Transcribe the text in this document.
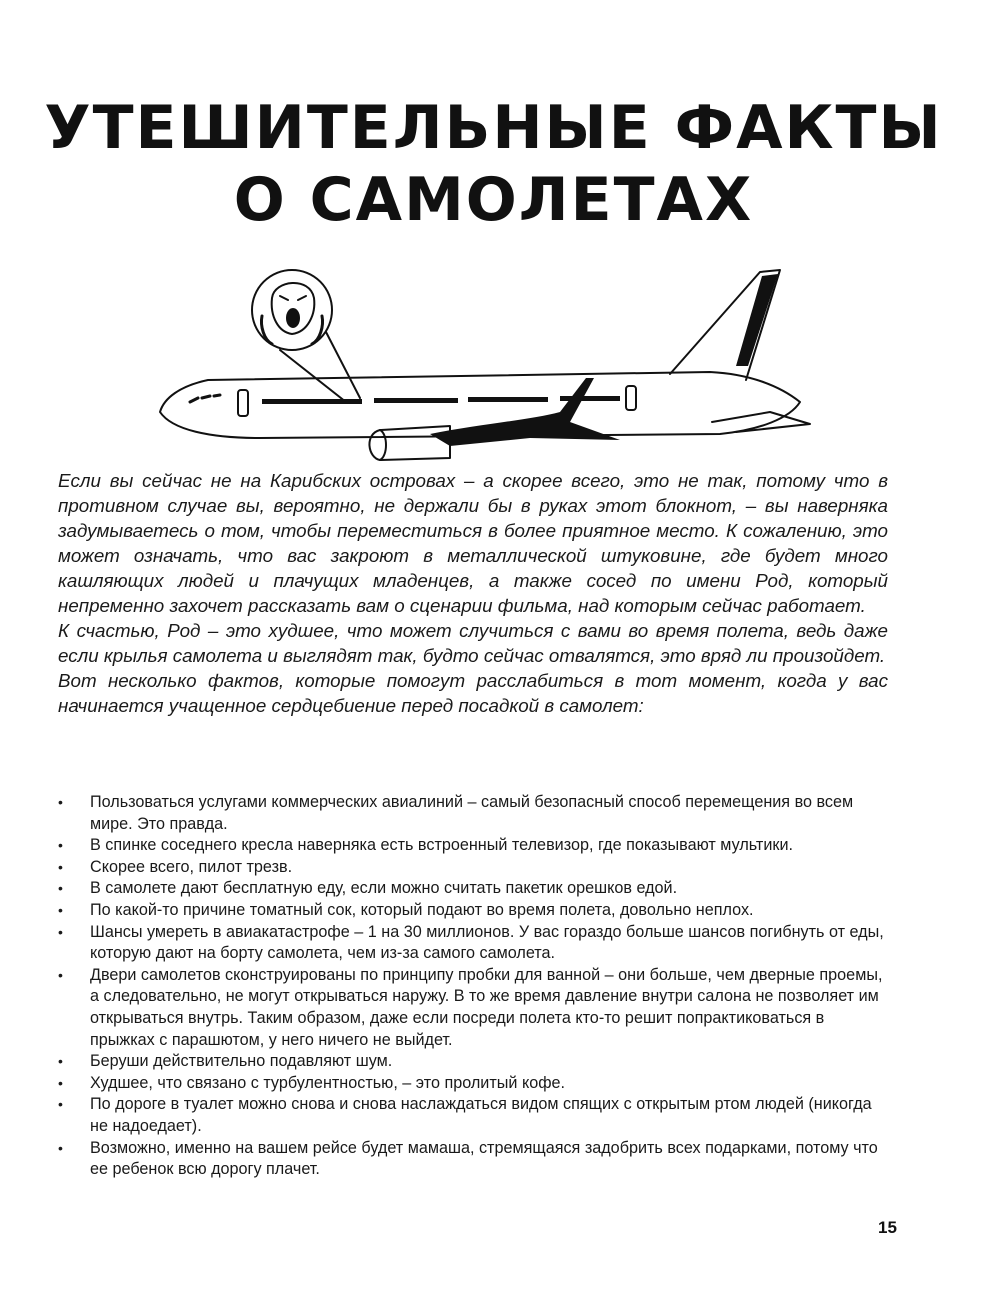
УТЕШИТЕЛЬНЫЕ ФАКТЫ
О САМОЛЕТАХ

Если вы сейчас не на Карибских островах – а скорее всего, это не так, потому что в противном случае вы, вероятно, не держали бы в руках этот блокнот, – вы наверняка задумываетесь о том, чтобы переместиться в более приятное место. К сожалению, это может означать, что вас закроют в металлической штуковине, где будет много кашляющих людей и плачущих младенцев, а также сосед по имени Род, который непременно захочет рассказать вам о сценарии фильма, над которым сейчас работает.

К счастью, Род – это худшее, что может случиться с вами во время полета, ведь даже если крылья самолета и выглядят так, будто сейчас отвалятся, это вряд ли произойдет.

Вот несколько фактов, которые помогут расслабиться в тот момент, когда у вас начинается учащенное сердцебиение перед посадкой в самолет:

• Пользоваться услугами коммерческих авиалиний – самый безопасный способ перемещения во всем мире. Это правда.
• В спинке соседнего кресла наверняка есть встроенный телевизор, где показывают мультики.
• Скорее всего, пилот трезв.
• В самолете дают бесплатную еду, если можно считать пакетик орешков едой.
• По какой-то причине томатный сок, который подают во время полета, довольно неплох.
• Шансы умереть в авиакатастрофе – 1 на 30 миллионов. У вас гораздо больше шансов погибнуть от еды, которую дают на борту самолета, чем из-за самого самолета.
• Двери самолетов сконструированы по принципу пробки для ванной – они больше, чем дверные проемы, а следовательно, не могут открываться наружу. В то же время давление внутри салона не позволяет им открываться внутрь. Таким образом, даже если посреди полета кто-то решит попрактиковаться в прыжках с парашютом, у него ничего не выйдет.
• Беруши действительно подавляют шум.
• Худшее, что связано с турбулентностью, – это пролитый кофе.
• По дороге в туалет можно снова и снова наслаждаться видом спящих с открытым ртом людей (никогда не надоедает).
• Возможно, именно на вашем рейсе будет мамаша, стремящаяся задобрить всех подарками, потому что ее ребенок всю дорогу плачет.
15
